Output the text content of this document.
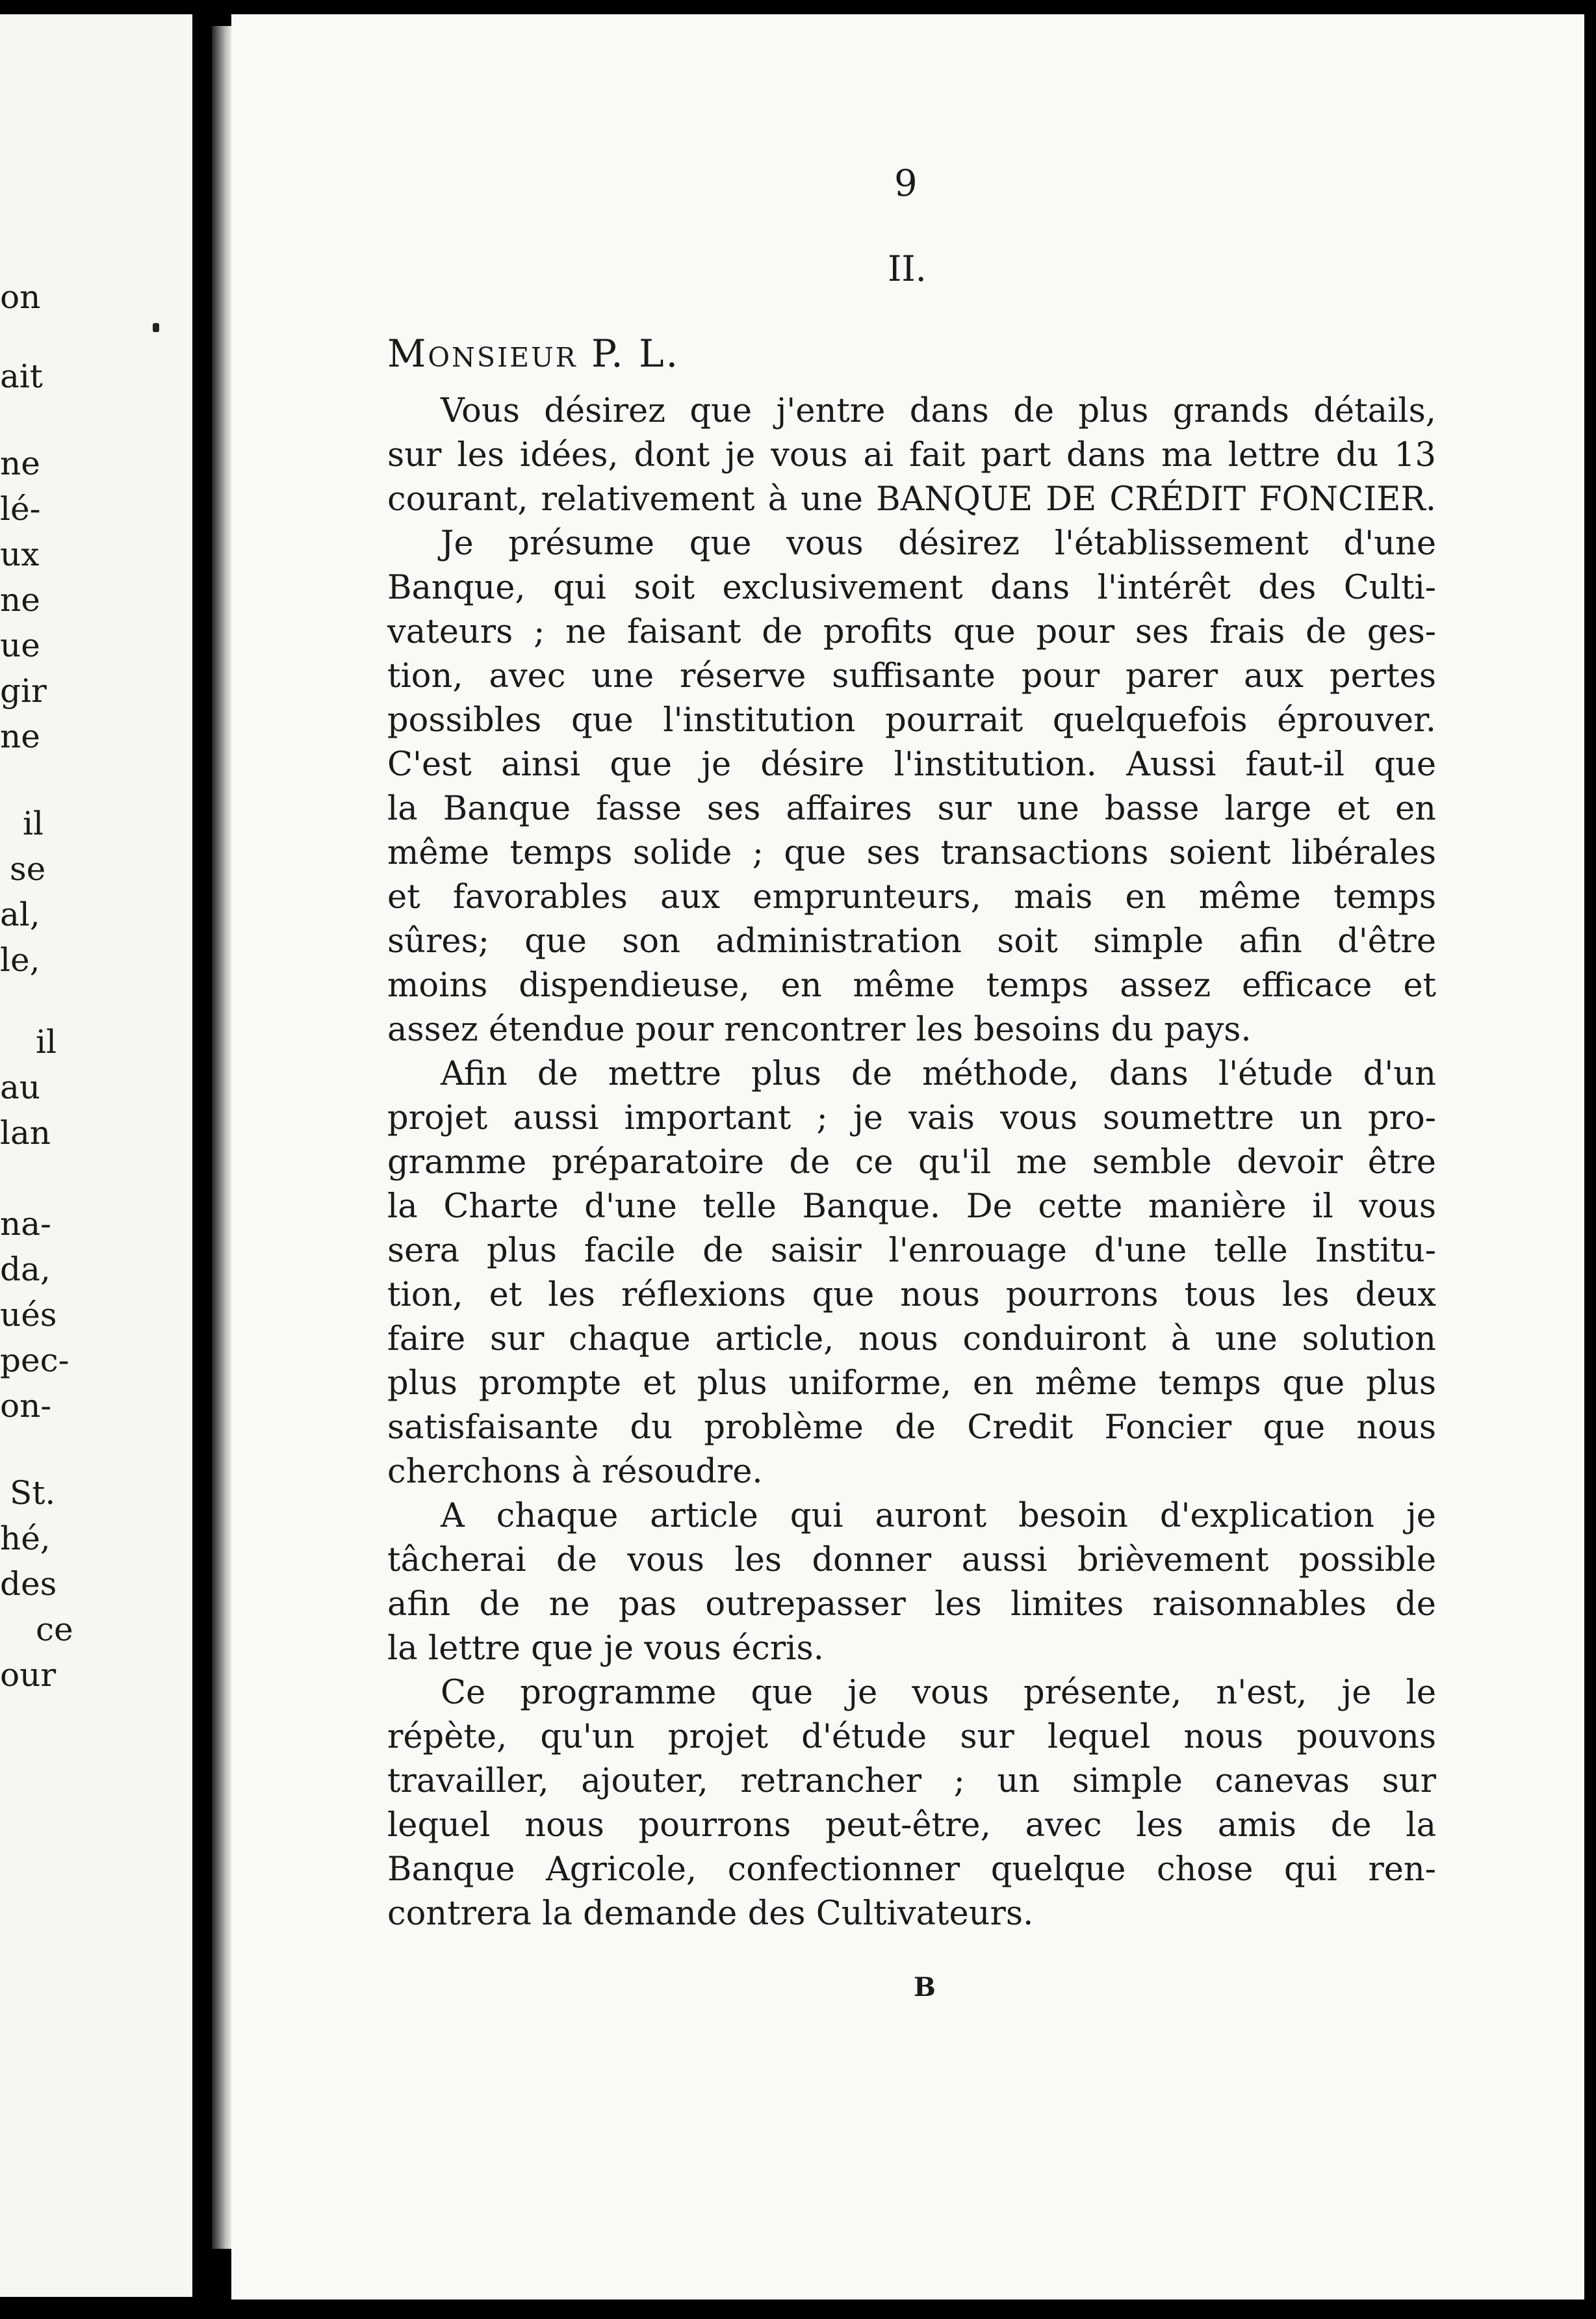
on
ait
ne
lé-
ux
ne
ue
gir
ne
il
se
al,
le,
il
au
lan
na-
da,
ués
pec-
on-
St.
hé,
des
ce
our
9
II.
Monsieur P. L.
Vous désirez que j'entre dans de plus grands détails,
sur les idées, dont je vous ai fait part dans ma lettre du 13
courant, relativement à une BANQUE DE CRÉDIT FONCIER.
Je présume que vous désirez l'établissement d'une
Banque, qui soit exclusivement dans l'intérêt des Culti-
vateurs ; ne faisant de profits que pour ses frais de ges-
tion, avec une réserve suffisante pour parer aux pertes
possibles que l'institution pourrait quelquefois éprouver.
C'est ainsi que je désire l'institution. Aussi faut-il que
la Banque fasse ses affaires sur une basse large et en
même temps solide ; que ses transactions soient libérales
et favorables aux emprunteurs, mais en même temps
sûres; que son administration soit simple afin d'être
moins dispendieuse, en même temps assez efficace et
assez étendue pour rencontrer les besoins du pays.
Afin de mettre plus de méthode, dans l'étude d'un
projet aussi important ; je vais vous soumettre un pro-
gramme préparatoire de ce qu'il me semble devoir être
la Charte d'une telle Banque. De cette manière il vous
sera plus facile de saisir l'enrouage d'une telle Institu-
tion, et les réflexions que nous pourrons tous les deux
faire sur chaque article, nous conduiront à une solution
plus prompte et plus uniforme, en même temps que plus
satisfaisante du problème de Credit Foncier que nous
cherchons à résoudre.
A chaque article qui auront besoin d'explication je
tâcherai de vous les donner aussi brièvement possible
afin de ne pas outrepasser les limites raisonnables de
la lettre que je vous écris.
Ce programme que je vous présente, n'est, je le
répète, qu'un projet d'étude sur lequel nous pouvons
travailler, ajouter, retrancher ; un simple canevas sur
lequel nous pourrons peut-être, avec les amis de la
Banque Agricole, confectionner quelque chose qui ren-
contrera la demande des Cultivateurs.
B
